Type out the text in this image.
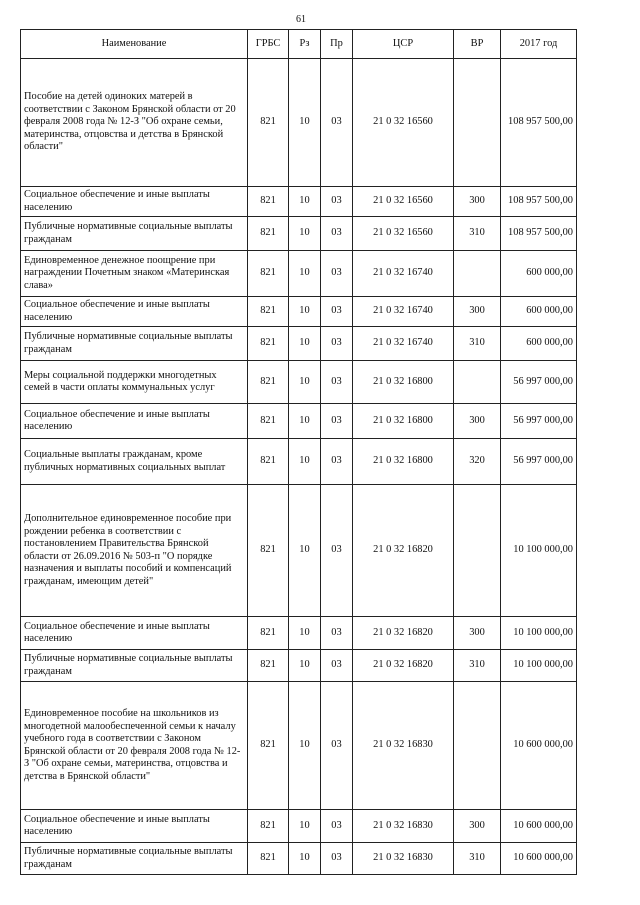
61
Наименование	ГРБС	Рз	Пр	ЦСР	ВР	2017 год
Пособие на детей одиноких матерей в соответствии с Законом Брянской области от 20 февраля 2008 года № 12-З "Об охране семьи, материнства, отцовства и детства в Брянской области"	821	10	03	21 0 32 16560		108 957 500,00
Социальное обеспечение и иные выплаты населению	821	10	03	21 0 32 16560	300	108 957 500,00
Публичные нормативные социальные выплаты гражданам	821	10	03	21 0 32 16560	310	108 957 500,00
Единовременное денежное поощрение при награждении Почетным знаком «Материнская слава»	821	10	03	21 0 32 16740		600 000,00
Социальное обеспечение и иные выплаты населению	821	10	03	21 0 32 16740	300	600 000,00
Публичные нормативные социальные выплаты гражданам	821	10	03	21 0 32 16740	310	600 000,00
Меры социальной поддержки многодетных семей в части оплаты коммунальных услуг	821	10	03	21 0 32 16800		56 997 000,00
Социальное обеспечение и иные выплаты населению	821	10	03	21 0 32 16800	300	56 997 000,00
Социальные выплаты гражданам, кроме публичных нормативных социальных выплат	821	10	03	21 0 32 16800	320	56 997 000,00
Дополнительное единовременное пособие при рождении ребенка в соответствии с постановлением Правительства Брянской области от 26.09.2016 № 503-п "О порядке назначения и выплаты пособий и компенсаций гражданам, имеющим детей"	821	10	03	21 0 32 16820		10 100 000,00
Социальное обеспечение и иные выплаты населению	821	10	03	21 0 32 16820	300	10 100 000,00
Публичные нормативные социальные выплаты гражданам	821	10	03	21 0 32 16820	310	10 100 000,00
Единовременное пособие на школьников из многодетной малообеспеченной семьи к началу учебного года в соответствии с Законом Брянской области от 20 февраля 2008 года № 12-З "Об охране семьи, материнства, отцовства и детства в Брянской области"	821	10	03	21 0 32 16830		10 600 000,00
Социальное обеспечение и иные выплаты населению	821	10	03	21 0 32 16830	300	10 600 000,00
Публичные нормативные социальные выплаты гражданам	821	10	03	21 0 32 16830	310	10 600 000,00
